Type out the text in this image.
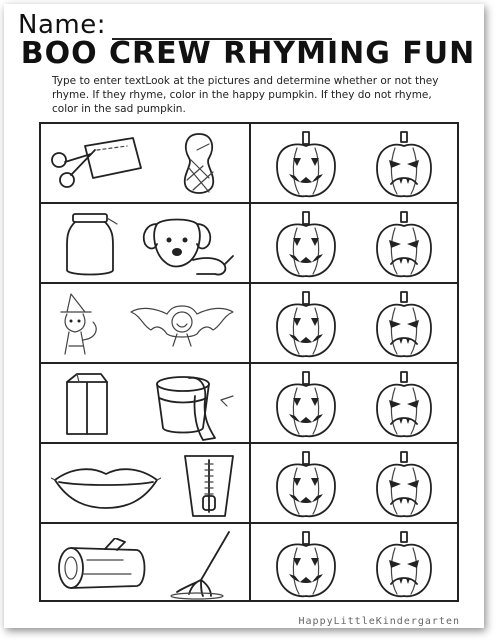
Name:
BOO CREW RHYMING FUN

Type to enter textLook at the pictures and determine whether or not they rhyme. If they rhyme, color in the happy pumpkin. If they do not rhyme, color in the sad pumpkin.

HappyLittleKindergarten
